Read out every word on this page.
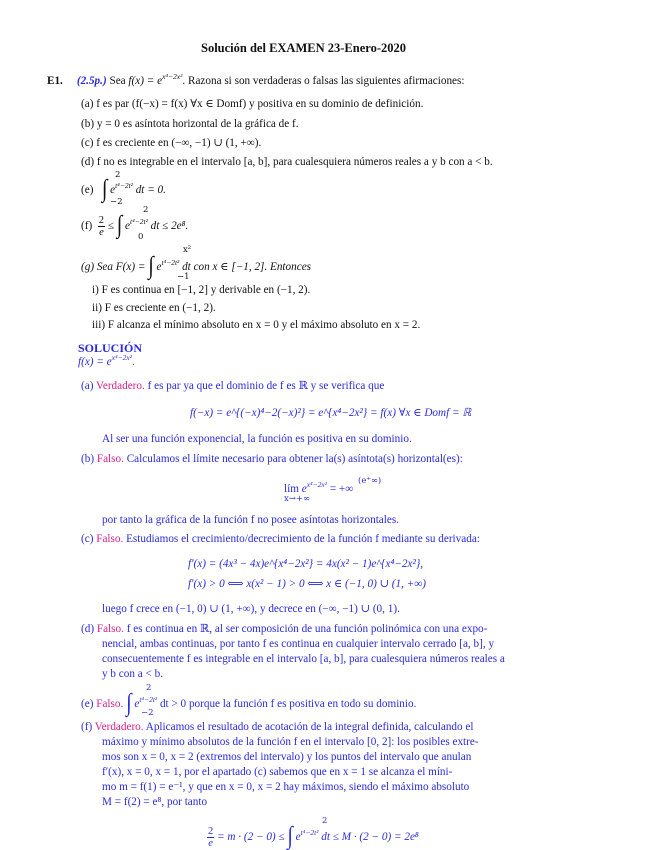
Solución del EXAMEN 23-Enero-2020
E1. (2.5p.) Sea $f(x) = e^{x^4-2x^2}$. Razona si son verdaderas o falsas las siguientes afirmaciones:
(a) f es par (f(−x) = f(x) ∀x ∈ Domf) y positiva en su dominio de definición.
(b) y = 0 es asíntota horizontal de la gráfica de f.
(c) f es creciente en (−∞, −1) ∪ (1, +∞).
(d) f no es integrable en el intervalo [a, b], para cualesquiera números reales a y b con a < b.
(e) ∫ $e^{t^4-2t^2}$ dt = 0.
2
−2
$(f) \frac{2}{e}$ ≤ ∫ $e^{t^4-2t^2}$ dt ≤ 2e⁸.
2
0
(g) Sea F(x) = ∫ $e^{t^4-2t^2}$ dt con x ∈ [−1, 2]. Entonces
x²
−1
i) F es continua en [−1, 2] y derivable en (−1, 2).
ii) F es creciente en (−1, 2).
iii) F alcanza el mínimo absoluto en x = 0 y el máximo absoluto en x = 2.
SOLUCIÓN
$f(x) = e^{x^4-2x^2}$.
(a) Verdadero. f es par ya que el dominio de f es ℝ y se verifica que
f(−x) = e^{(−x)⁴−2(−x)²} = e^{x⁴−2x²} = f(x) ∀x ∈ Domf = ℝ
Al ser una función exponencial, la función es positiva en su dominio.
(b) Falso. Calculamos el límite necesario para obtener la(s) asíntota(s) horizontal(es):
lím $e^{x^4-2x^2}$ = +∞
x→+∞
(e⁺∞)
por tanto la gráfica de la función f no posee asíntotas horizontales.
(c) Falso. Estudiamos el crecimiento/decrecimiento de la función f mediante su derivada:
f′(x) = (4x³ − 4x)e^{x⁴−2x²} = 4x(x² − 1)e^{x⁴−2x²},
f′(x) > 0 ⟺ x(x² − 1) > 0 ⟺ x ∈ (−1, 0) ∪ (1, +∞)
luego f crece en (−1, 0) ∪ (1, +∞), y decrece en (−∞, −1) ∪ (0, 1).
(d) Falso. f es continua en ℝ, al ser composición de una función polinómica con una expo-
nencial, ambas continuas, por tanto f es continua en cualquier intervalo cerrado [a, b], y
consecuentemente f es integrable en el intervalo [a, b], para cualesquiera números reales a
y b con a < b.
(e) Falso. ∫ $e^{t^4-2t^2}$ dt > 0 porque la función f es positiva en todo su dominio.
2
−2
(f) Verdadero. Aplicamos el resultado de acotación de la integral definida, calculando el
máximo y mínimo absolutos de la función f en el intervalo [0, 2]: los posibles extre-
mos son x = 0, x = 2 (extremos del intervalo) y los puntos del intervalo que anulan
f′(x), x = 0, x = 1, por el apartado (c) sabemos que en x = 1 se alcanza el míni-
mo m = f(1) = e⁻¹, y que en x = 0, x = 2 hay máximos, siendo el máximo absoluto
M = f(2) = e⁸, por tanto
$\frac{2}{e} = m \cdot (2 - 0)$ ≤ ∫ $e^{t^4-2t^2}$ dt ≤ M · (2 − 0) = 2e⁸
2
